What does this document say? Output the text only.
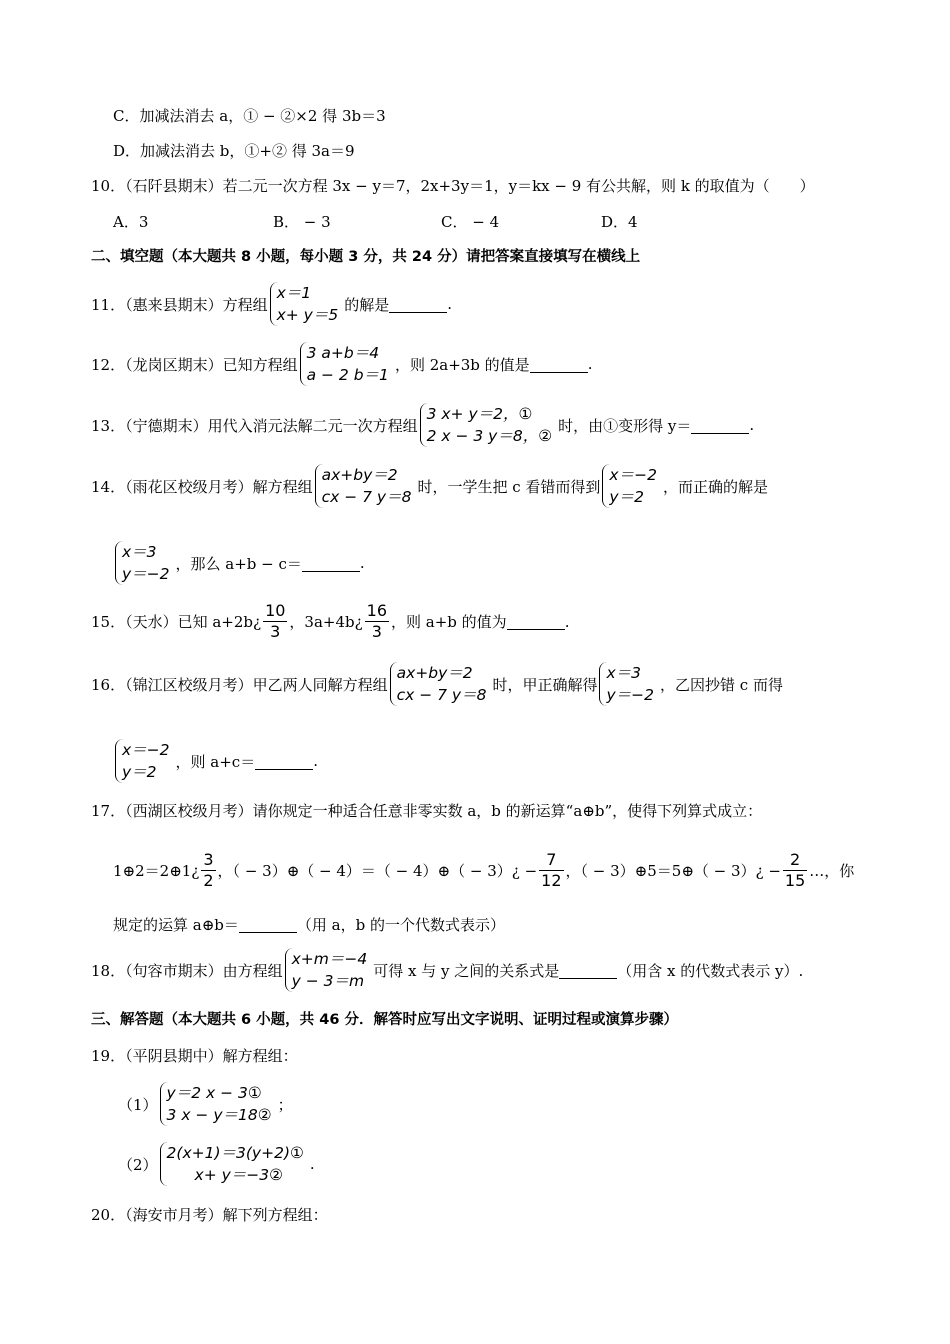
C．加减法消去 a，① − ②×2 得 3b＝3
D．加减法消去 b，①+② 得 3a＝9
10．（石阡县期末）若二元一次方程 3x − y＝7，2x+3y＝1，y＝kx − 9 有公共解，则 k 的取值为（　　）
A．3	B． − 3	C． − 4	D．4
二、填空题（本大题共 8 小题，每小题 3 分，共 24 分）请把答案直接填写在横线上
11．（惠来县期末）方程组
x＝1
x+ y＝5
的解是	.
12．（龙岗区期末）已知方程组
3 a+b＝4
a − 2 b＝1
，则 2a+3b 的值是	.
13．（宁德期末）用代入消元法解二元一次方程组
3 x+ y＝2，①
2 x − 3 y＝8，②
时，由①变形得 y＝	.
14．（雨花区校级月考）解方程组
ax+by＝2
cx − 7 y＝8
时，一学生把 c 看错而得到
x＝−2
y＝2
，而正确的解是
x＝3
y＝−2
，那么 a+b − c＝	.
15．（天水）已知 a+2b¿ $\frac{10}{3}$ ，3a+4b¿ $\frac{16}{3}$ ，则 a+b 的值为	.
16．（锦江区校级月考）甲乙两人同解方程组
ax+by＝2
cx − 7 y＝8
时，甲正确解得
x＝3
y＝−2
，乙因抄错 c 而得
x＝−2
y＝2
，则 a+c＝	.
17．（西湖区校级月考）请你规定一种适合任意非零实数 a，b 的新运算“a⊕b”，使得下列算式成立：
1⊕2＝2⊕1¿ $\frac{3}{2}$ ，（ − 3）⊕（ − 4）＝（ − 4）⊕（ − 3）¿ − $\frac{7}{12}$ ，（ − 3）⊕5＝5⊕（ − 3）¿ − $\frac{2}{15}$ …，你
规定的运算 a⊕b＝	（用 a，b 的一个代数式表示）
18．（句容市期末）由方程组
x+m＝−4
y − 3＝m
可得 x 与 y 之间的关系式是	（用含 x 的代数式表示 y）.
三、解答题（本大题共 6 小题，共 46 分．解答时应写出文字说明、证明过程或演算步骤）
19．（平阴县期中）解方程组：
（1）
y＝2 x − 3①
3 x − y＝18②
；
（2）
2(x+1)＝3(y+2)①
x+ y＝−3②
.
20．（海安市月考）解下列方程组：
